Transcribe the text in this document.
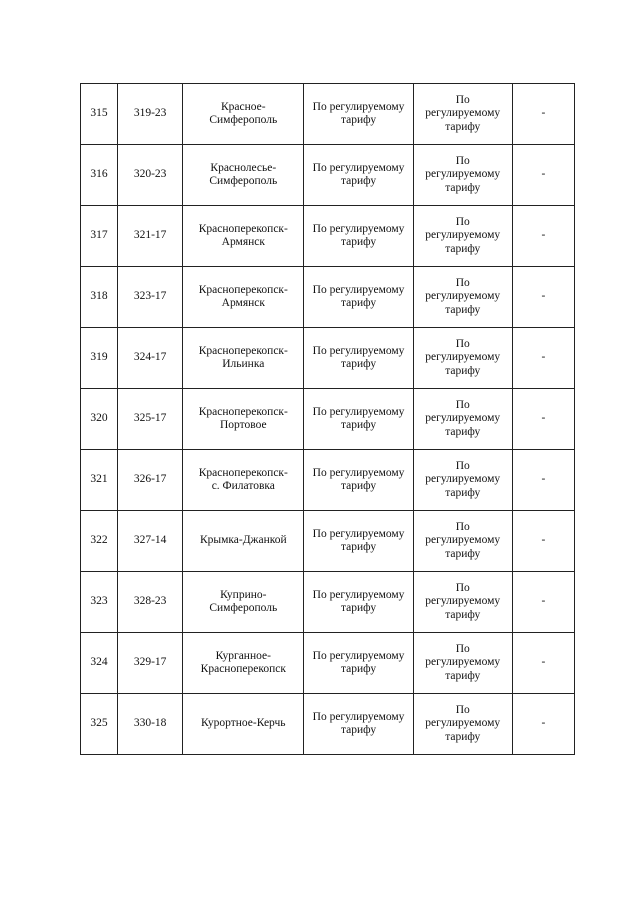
315	319-23	Красное-
Симферополь	По регулируемому
тарифу	По
регулируемому
тарифу	-
316	320-23	Краснолесье-
Симферополь	По регулируемому
тарифу	По
регулируемому
тарифу	-
317	321-17	Красноперекопск-
Армянск	По регулируемому
тарифу	По
регулируемому
тарифу	-
318	323-17	Красноперекопск-
Армянск	По регулируемому
тарифу	По
регулируемому
тарифу	-
319	324-17	Красноперекопск-
Ильинка	По регулируемому
тарифу	По
регулируемому
тарифу	-
320	325-17	Красноперекопск-
Портовое	По регулируемому
тарифу	По
регулируемому
тарифу	-
321	326-17	Красноперекопск-
с. Филатовка	По регулируемому
тарифу	По
регулируемому
тарифу	-
322	327-14	Крымка-Джанкой	По регулируемому
тарифу	По
регулируемому
тарифу	-
323	328-23	Куприно-
Симферополь	По регулируемому
тарифу	По
регулируемому
тарифу	-
324	329-17	Курганное-
Красноперекопск	По регулируемому
тарифу	По
регулируемому
тарифу	-
325	330-18	Курортное-Керчь	По регулируемому
тарифу	По
регулируемому
тарифу	-
